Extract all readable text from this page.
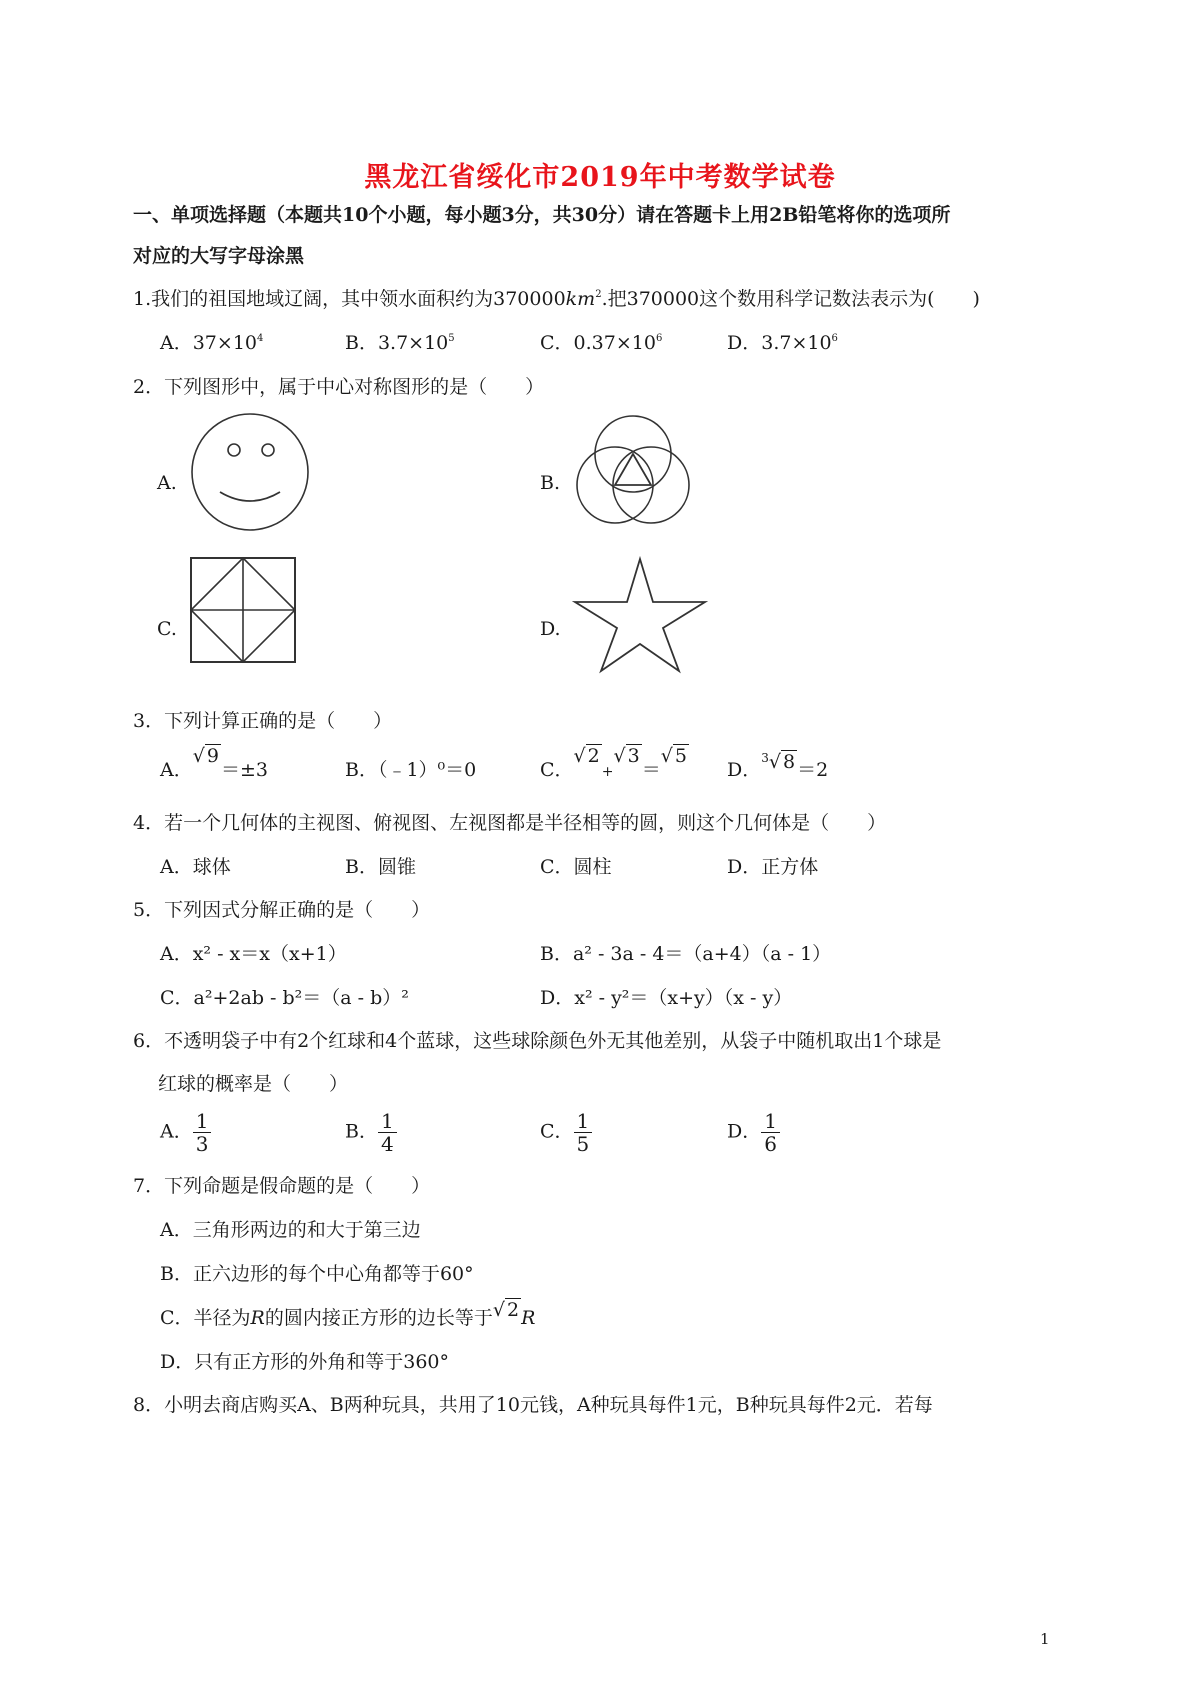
黑龙江省绥化市2019年中考数学试卷
一、单项选择题（本题共10个小题，每小题3分，共30分）请在答题卡上用2B铅笔将你的选项所
对应的大写字母涂黑
1.我们的祖国地域辽阔，其中领水面积约为$370000km^2$.把370000这个数用科学记数法表示为(　　)
A．$37\times 10^4$	B．$3.7\times 10^5$	C．$0.37\times 10^6$	D．$3.7\times 10^6$
2．下列图形中，属于中心对称图形的是（　　）
A.	B.
C.	D.
3．下列计算正确的是（　　）
A．√ 9＝±3	B．（﹣1）⁰＝0	C．√ 2+√ 3＝√ 5
D．$^3$√ 8 ＝2
4．若一个几何体的主视图、俯视图、左视图都是半径相等的圆，则这个几何体是（　　）
A．球体	B．圆锥	C．圆柱	D．正方体
5．下列因式分解正确的是（　　）
A．x² - x＝x（x+1）	B．a² - 3a - 4＝（a+4）（a - 1）
C．a²+2ab - b²＝（a - b）²	D．x² - y²＝（x+y）（x - y）
6．不透明袋子中有2个红球和4个蓝球，这些球除颜色外无其他差别，从袋子中随机取出1个球是
红球的概率是（　　）
A． $\frac{1}{3}$	B． $\frac{1}{4}$	C． $\frac{1}{5}$	D． $\frac{1}{6}$
7．下列命题是假命题的是（　　）
A．三角形两边的和大于第三边
B．正六边形的每个中心角都等于60°
C．半径为R的圆内接正方形的边长等于√ 2 R
D．只有正方形的外角和等于360°
8．小明去商店购买A、B两种玩具，共用了10元钱，A种玩具每件1元，B种玩具每件2元．若每
1
